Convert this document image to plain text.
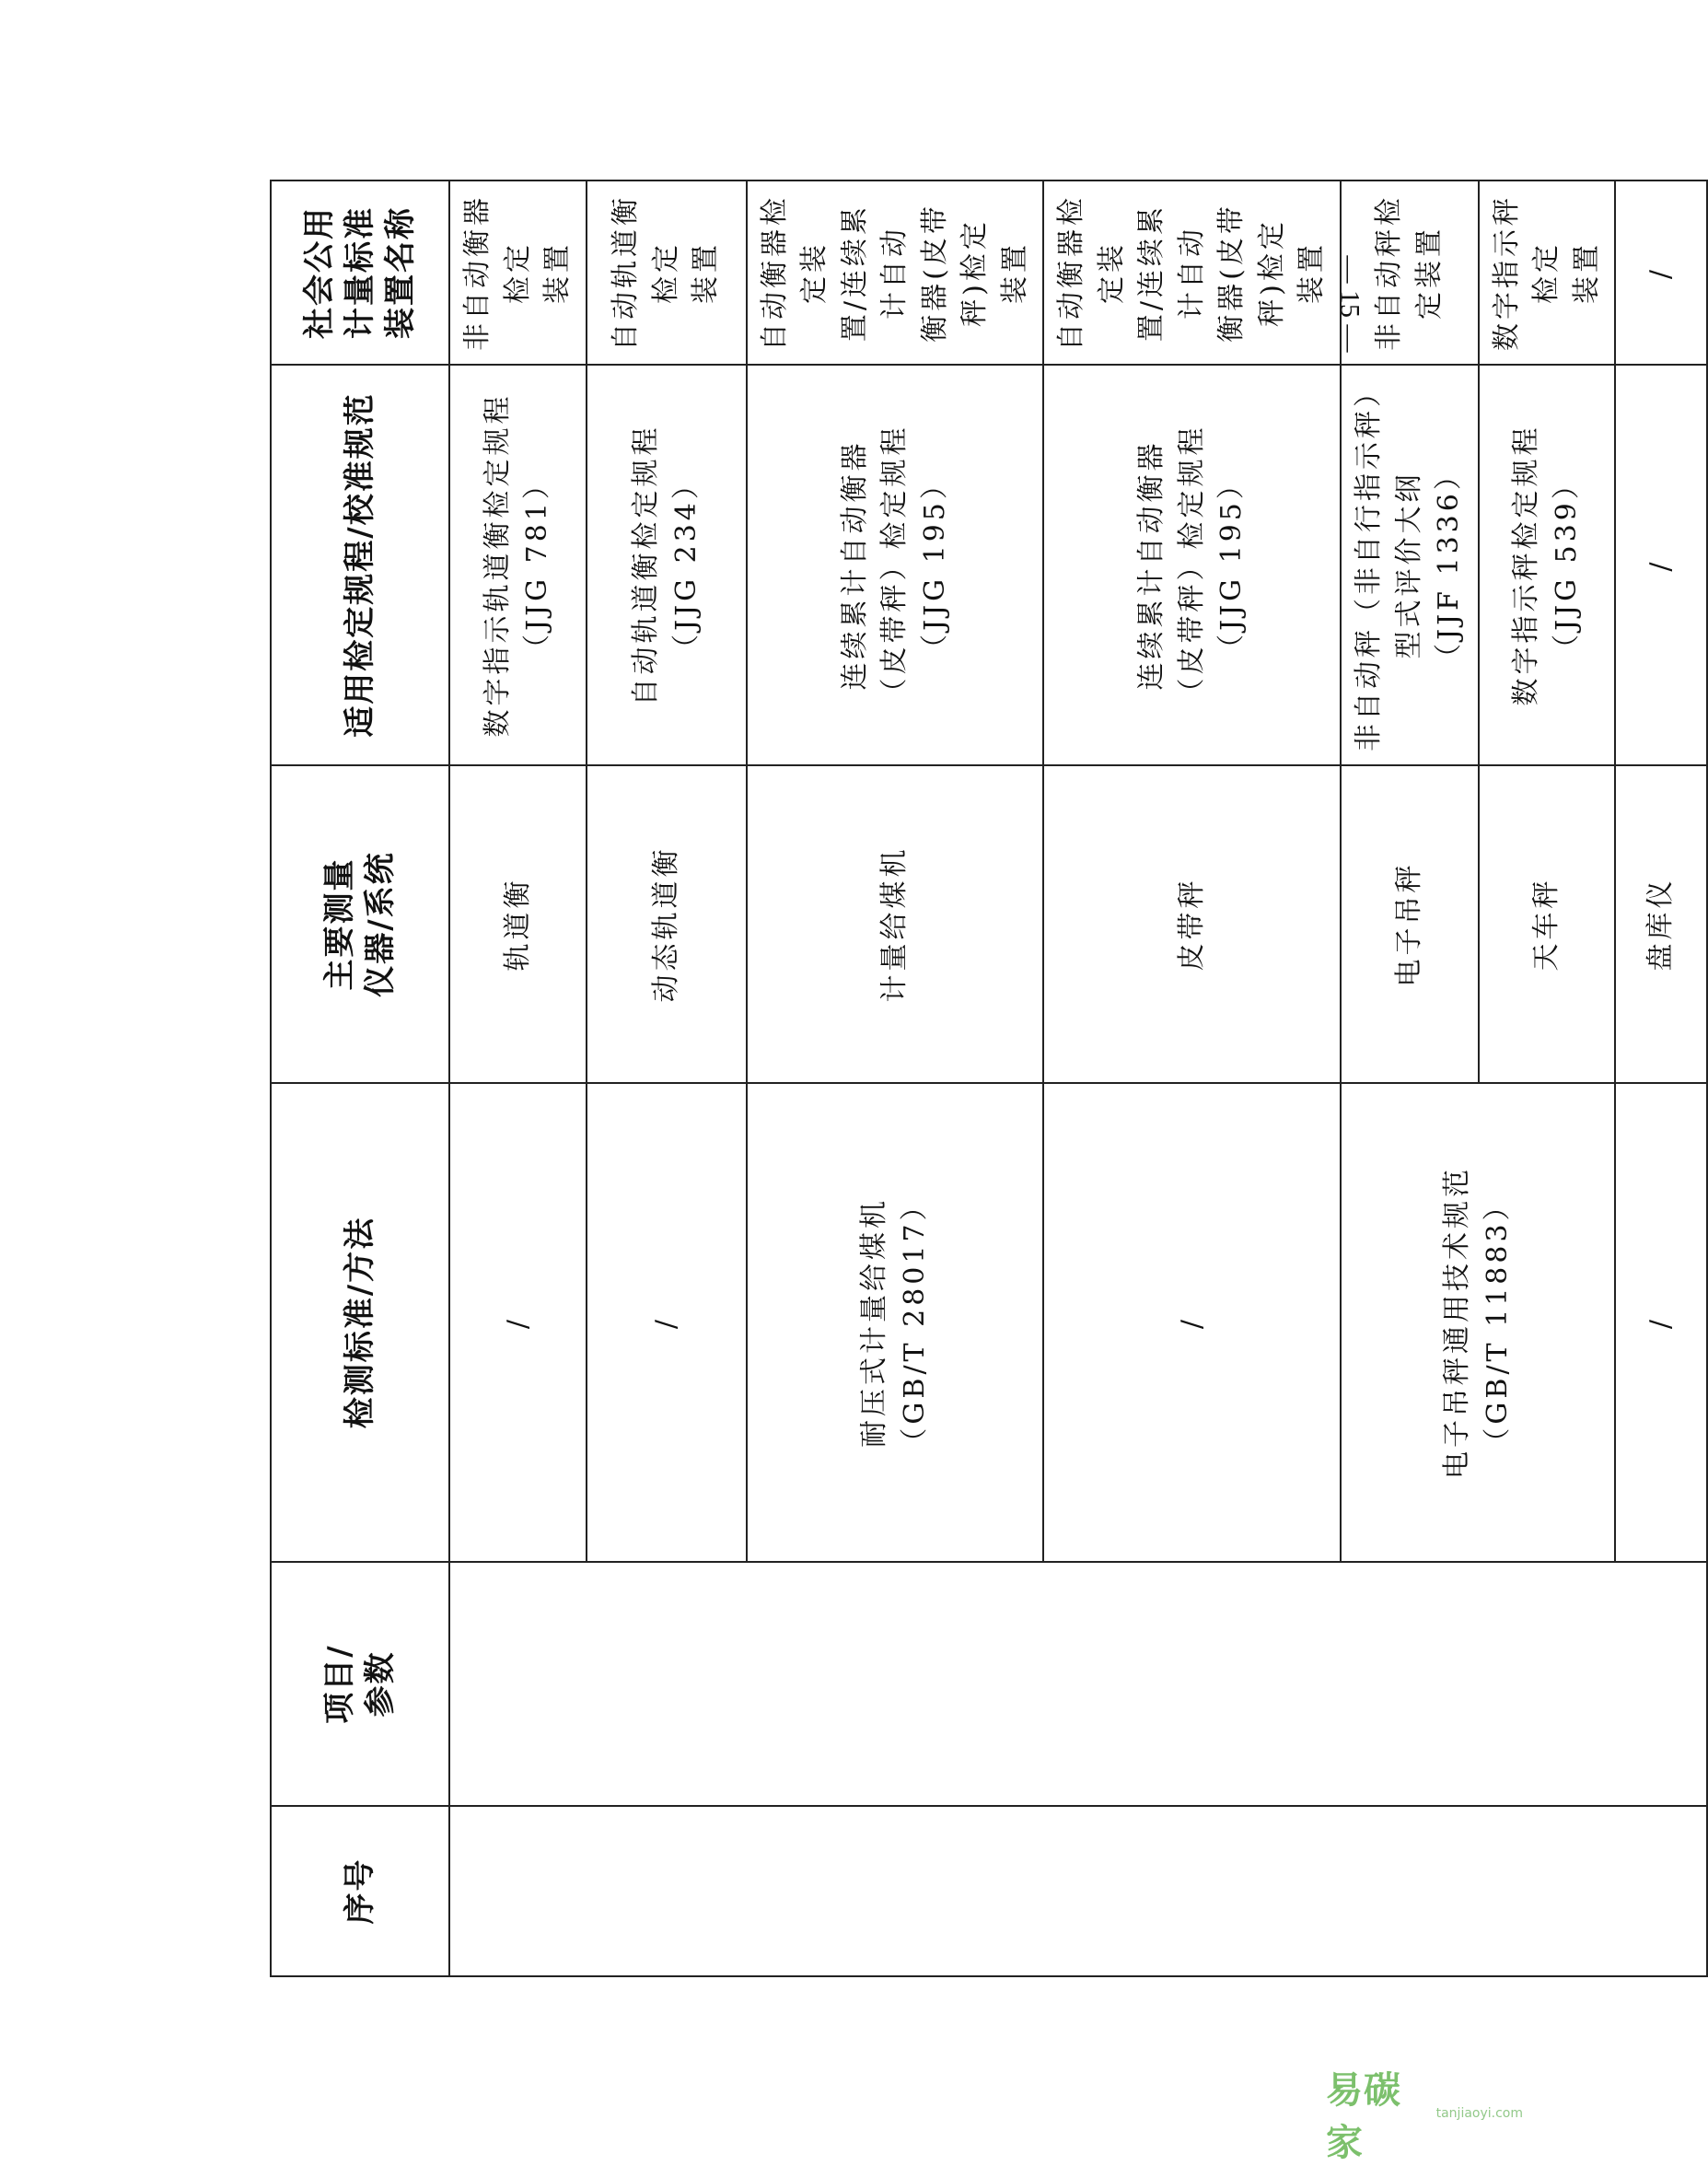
— 15 —
序号	项目/ 参数	检测标准/方法	主要测量 仪器/系统	适用检定规程/校准规范	社会公用计量标准 装置名称

		/	轨道衡	数字指示轨道衡检定规程 （JJG 781）	非自动衡器检定 装置

		/	动态轨道衡	自动轨道衡检定规程 （JJG 234）	自动轨道衡检定 装置

		耐压式计量给煤机 （GB/T 28017）	计量给煤机	连续累计自动衡器 （皮带秤）检定规程 （JJG 195）	自动衡器检定装 置/连续累计自动 衡器(皮带秤)检定 装置

		/	皮带秤	连续累计自动衡器 （皮带秤）检定规程 （JJG 195）	自动衡器检定装 置/连续累计自动 衡器(皮带秤)检定 装置

		电子吊秤通用技术规范 （GB/T 11883）	电子吊秤	非自动秤（非自行指示秤） 型式评价大纲 （JJF 1336）	非自动秤检定装置

			天车秤	数字指示秤检定规程 （JJG 539）	数字指示秤检定 装置

		/	盘库仪	/	/
易碳家
tanjiaoyi.com
